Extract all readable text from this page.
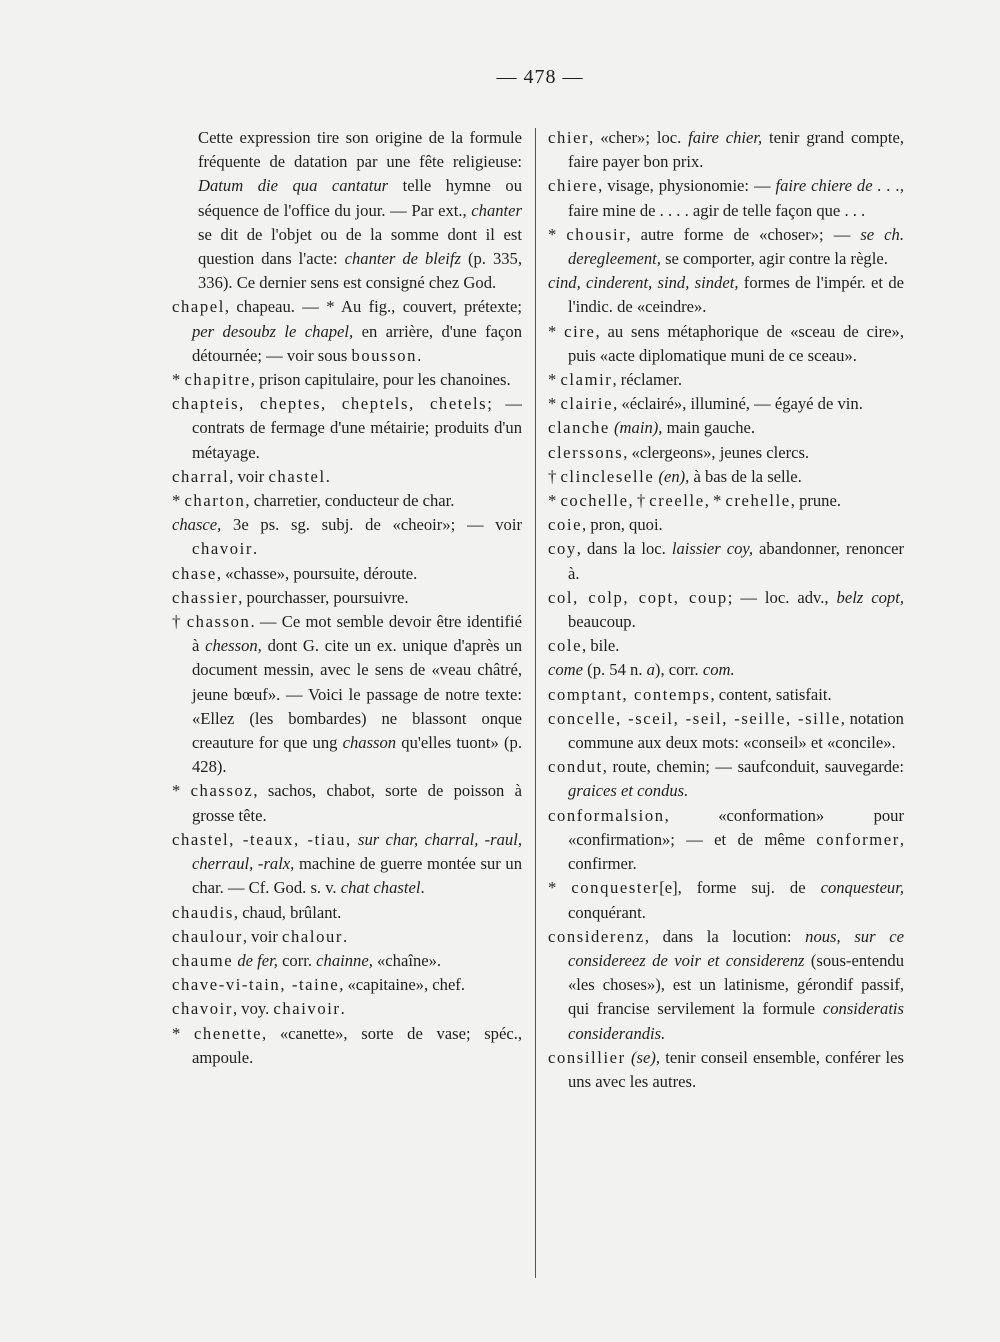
— 478 —

Cette expression tire son origine de la formule fréquente de datation par une fête religieuse: Datum die qua cantatur telle hymne ou séquence de l'office du jour. — Par ext., chanter se dit de l'objet ou de la somme dont il est question dans l'acte: chanter de bleifz (p. 335, 336). Ce dernier sens est consigné chez God.

chapel, chapeau. — * Au fig., couvert, prétexte; per desoubz le chapel, en arrière, d'une façon détournée; — voir sous bousson.

* chapitre, prison capitulaire, pour les chanoines.

chapteis, cheptes, cheptels, chetels; — contrats de fermage d'une métairie; produits d'un métayage.

charral, voir chastel.

* charton, charretier, conducteur de char.

chasce, 3e ps. sg. subj. de «cheoir»; — voir chavoir.

chase, «chasse», poursuite, déroute.

chassier, pourchasser, poursuivre.

† chasson. — Ce mot semble devoir être identifié à chesson, dont G. cite un ex. unique d'après un document messin, avec le sens de «veau châtré, jeune bœuf». — Voici le passage de notre texte: «Ellez (les bombardes) ne blassont onque creauture for que ung chasson qu'elles tuont» (p. 428).

* chassoz, sachos, chabot, sorte de poisson à grosse tête.

chastel, -teaux, -tiau, sur char, charral, -raul, cherraul, -ralx, machine de guerre montée sur un char. — Cf. God. s. v. chat chastel.

chaudis, chaud, brûlant.

chaulour, voir chalour.

chaume de fer, corr. chainne, «chaîne».

chave-vi-tain, -taine, «capitaine», chef.

chavoir, voy. chaivoir.

* chenette, «canette», sorte de vase; spéc., ampoule.

chier, «cher»; loc. faire chier, tenir grand compte, faire payer bon prix.

chiere, visage, physionomie: — faire chiere de . . ., faire mine de . . . . agir de telle façon que . . .

* chousir, autre forme de «choser»; — se ch. deregleement, se comporter, agir contre la règle.

cind, cinderent, sind, sindet, formes de l'impér. et de l'indic. de «ceindre».

* cire, au sens métaphorique de «sceau de cire», puis «acte diplomatique muni de ce sceau».

* clamir, réclamer.

* clairie, «éclairé», illuminé, — égayé de vin.

clanche (main), main gauche.

clerssons, «clergeons», jeunes clercs.

† clincleselle (en), à bas de la selle.

* cochelle, † creelle, * crehelle, prune.

coie, pron, quoi.

coy, dans la loc. laissier coy, abandonner, renoncer à.

col, colp, copt, coup; — loc. adv., belz copt, beaucoup.

cole, bile.

come (p. 54 n. a), corr. com.

comptant, contemps, content, satisfait.

concelle, -sceil, -seil, -seille, -sille, notation commune aux deux mots: «conseil» et «concile».

condut, route, chemin; — saufconduit, sauvegarde: graices et condus.

conformalsion, «conformation» pour «confirmation»; — et de même conformer, confirmer.

* conquester[e], forme suj. de conquesteur, conquérant.

considerenz, dans la locution: nous, sur ce considereez de voir et considerenz (sous-entendu «les choses»), est un latinisme, gérondif passif, qui francise servilement la formule consideratis considerandis.

consillier (se), tenir conseil ensemble, conférer les uns avec les autres.
